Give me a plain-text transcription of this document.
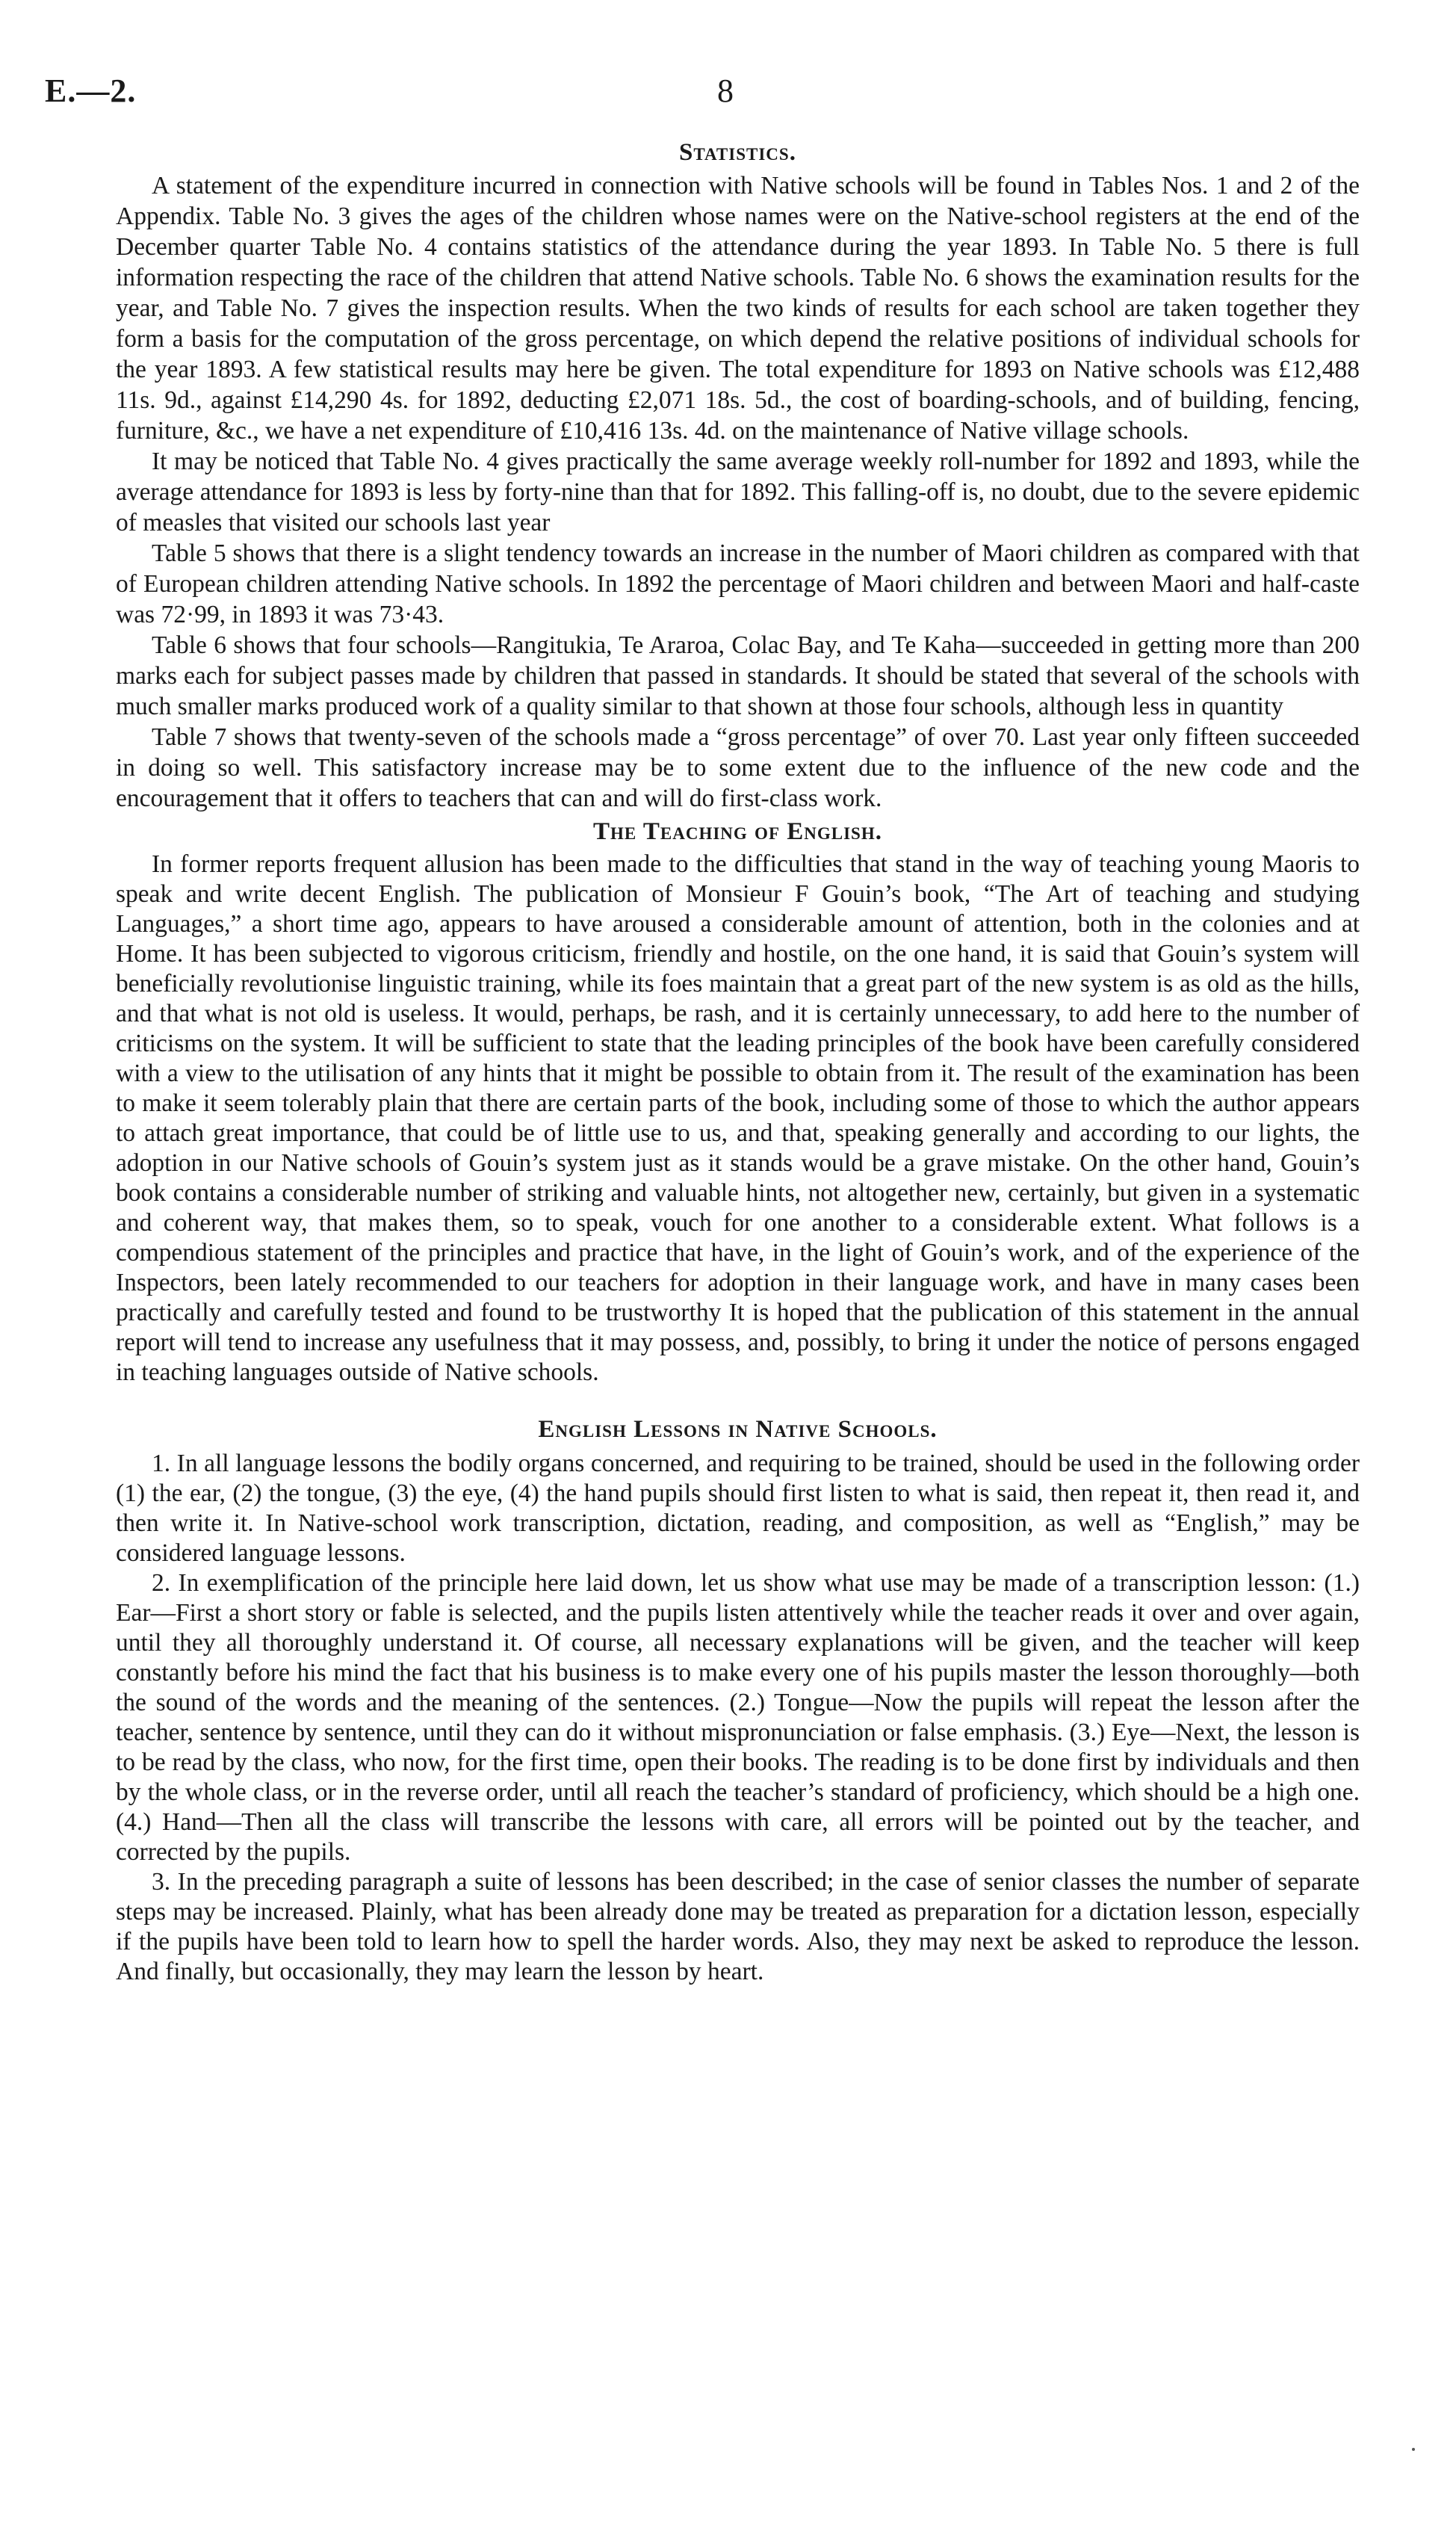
E.—2.	8
Statistics.

A statement of the expenditure incurred in connection with Native schools will be found in Tables Nos. 1 and 2 of the Appendix. Table No. 3 gives the ages of the children whose names were on the Native-school registers at the end of the December quarter Table No. 4 contains statistics of the attendance during the year 1893. In Table No. 5 there is full information respecting the race of the children that attend Native schools. Table No. 6 shows the examination results for the year, and Table No. 7 gives the inspection results. When the two kinds of results for each school are taken together they form a basis for the computation of the gross percentage, on which depend the relative positions of individual schools for the year 1893. A few statistical results may here be given. The total expenditure for 1893 on Native schools was £12,488 11s. 9d., against £14,290 4s. for 1892, deducting £2,071 18s. 5d., the cost of boarding-schools, and of building, fencing, furniture, &c., we have a net expenditure of £10,416 13s. 4d. on the maintenance of Native village schools.

It may be noticed that Table No. 4 gives practically the same average weekly roll-number for 1892 and 1893, while the average attendance for 1893 is less by forty-nine than that for 1892. This falling-off is, no doubt, due to the severe epidemic of measles that visited our schools last year

Table 5 shows that there is a slight tendency towards an increase in the number of Maori children as compared with that of European children attending Native schools. In 1892 the percentage of Maori children and between Maori and half-caste was 72·99, in 1893 it was 73·43.

Table 6 shows that four schools—Rangitukia, Te Araroa, Colac Bay, and Te Kaha—succeeded in getting more than 200 marks each for subject passes made by children that passed in standards. It should be stated that several of the schools with much smaller marks produced work of a quality similar to that shown at those four schools, although less in quantity

Table 7 shows that twenty-seven of the schools made a “gross percentage” of over 70. Last year only fifteen succeeded in doing so well. This satisfactory increase may be to some extent due to the influence of the new code and the encouragement that it offers to teachers that can and will do first-class work.

The Teaching of English.

In former reports frequent allusion has been made to the difficulties that stand in the way of teaching young Maoris to speak and write decent English. The publication of Monsieur F Gouin’s book, “The Art of teaching and studying Languages,” a short time ago, appears to have aroused a considerable amount of attention, both in the colonies and at Home. It has been subjected to vigorous criticism, friendly and hostile, on the one hand, it is said that Gouin’s system will beneficially revolutionise linguistic training, while its foes maintain that a great part of the new system is as old as the hills, and that what is not old is useless. It would, perhaps, be rash, and it is certainly unnecessary, to add here to the number of criticisms on the system. It will be sufficient to state that the leading principles of the book have been carefully considered with a view to the utilisation of any hints that it might be possible to obtain from it. The result of the examination has been to make it seem tolerably plain that there are certain parts of the book, including some of those to which the author appears to attach great importance, that could be of little use to us, and that, speaking generally and according to our lights, the adoption in our Native schools of Gouin’s system just as it stands would be a grave mistake. On the other hand, Gouin’s book contains a considerable number of striking and valuable hints, not altogether new, certainly, but given in a systematic and coherent way, that makes them, so to speak, vouch for one another to a considerable extent. What follows is a compendious statement of the principles and practice that have, in the light of Gouin’s work, and of the experience of the Inspectors, been lately recommended to our teachers for adoption in their language work, and have in many cases been practically and carefully tested and found to be trustworthy It is hoped that the publication of this statement in the annual report will tend to increase any usefulness that it may possess, and, possibly, to bring it under the notice of persons engaged in teaching languages outside of Native schools.

English Lessons in Native Schools.

1. In all language lessons the bodily organs concerned, and requiring to be trained, should be used in the following order (1) the ear, (2) the tongue, (3) the eye, (4) the hand pupils should first listen to what is said, then repeat it, then read it, and then write it. In Native-school work transcription, dictation, reading, and composition, as well as “English,” may be considered language lessons.

2. In exemplification of the principle here laid down, let us show what use may be made of a transcription lesson: (1.) Ear—First a short story or fable is selected, and the pupils listen attentively while the teacher reads it over and over again, until they all thoroughly understand it. Of course, all necessary explanations will be given, and the teacher will keep constantly before his mind the fact that his business is to make every one of his pupils master the lesson thoroughly—both the sound of the words and the meaning of the sentences. (2.) Tongue—Now the pupils will repeat the lesson after the teacher, sentence by sentence, until they can do it without mispronunciation or false emphasis. (3.) Eye—Next, the lesson is to be read by the class, who now, for the first time, open their books. The reading is to be done first by individuals and then by the whole class, or in the reverse order, until all reach the teacher’s standard of proficiency, which should be a high one. (4.) Hand—Then all the class will transcribe the lessons with care, all errors will be pointed out by the teacher, and corrected by the pupils.

3. In the preceding paragraph a suite of lessons has been described; in the case of senior classes the number of separate steps may be increased. Plainly, what has been already done may be treated as preparation for a dictation lesson, especially if the pupils have been told to learn how to spell the harder words. Also, they may next be asked to reproduce the lesson. And finally, but occasionally, they may learn the lesson by heart.
